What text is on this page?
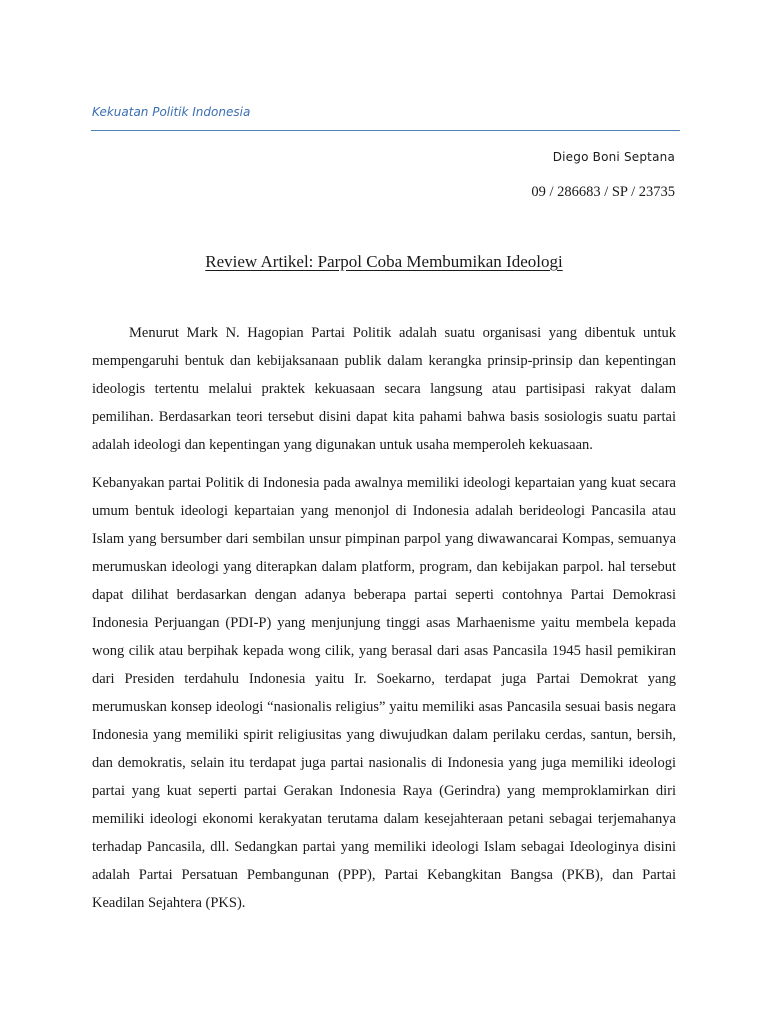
Kekuatan Politik Indonesia
Diego Boni Septana
09 / 286683 / SP / 23735
Review Artikel: Parpol Coba Membumikan Ideologi

Menurut Mark N. Hagopian Partai Politik adalah suatu organisasi yang dibentuk untuk mempengaruhi bentuk dan kebijaksanaan publik dalam kerangka prinsip-prinsip dan kepentingan ideologis tertentu melalui praktek kekuasaan secara langsung atau partisipasi rakyat dalam pemilihan. Berdasarkan teori tersebut disini dapat kita pahami bahwa basis sosiologis suatu partai adalah ideologi dan kepentingan yang digunakan untuk usaha memperoleh kekuasaan.

Kebanyakan partai Politik di Indonesia pada awalnya memiliki ideologi kepartaian yang kuat secara umum bentuk ideologi kepartaian yang menonjol di Indonesia adalah berideologi Pancasila atau Islam yang bersumber dari sembilan unsur pimpinan parpol yang diwawancarai Kompas, semuanya merumuskan ideologi yang diterapkan dalam platform, program, dan kebijakan parpol. hal tersebut dapat dilihat berdasarkan dengan adanya beberapa partai seperti contohnya Partai Demokrasi Indonesia Perjuangan (PDI-P) yang menjunjung tinggi asas Marhaenisme yaitu membela kepada wong cilik atau berpihak kepada wong cilik, yang berasal dari asas Pancasila 1945 hasil pemikiran dari Presiden terdahulu Indonesia yaitu Ir. Soekarno, terdapat juga Partai Demokrat yang merumuskan konsep ideologi “nasionalis religius” yaitu memiliki asas Pancasila sesuai basis negara Indonesia yang memiliki spirit religiusitas yang diwujudkan dalam perilaku cerdas, santun, bersih, dan demokratis, selain itu terdapat juga partai nasionalis di Indonesia yang juga memiliki ideologi partai yang kuat seperti partai Gerakan Indonesia Raya (Gerindra) yang memproklamirkan diri memiliki ideologi ekonomi kerakyatan terutama dalam kesejahteraan petani sebagai terjemahanya terhadap Pancasila, dll. Sedangkan partai yang memiliki ideologi Islam sebagai Ideologinya disini adalah Partai Persatuan Pembangunan (PPP), Partai Kebangkitan Bangsa (PKB), dan Partai Keadilan Sejahtera (PKS).
